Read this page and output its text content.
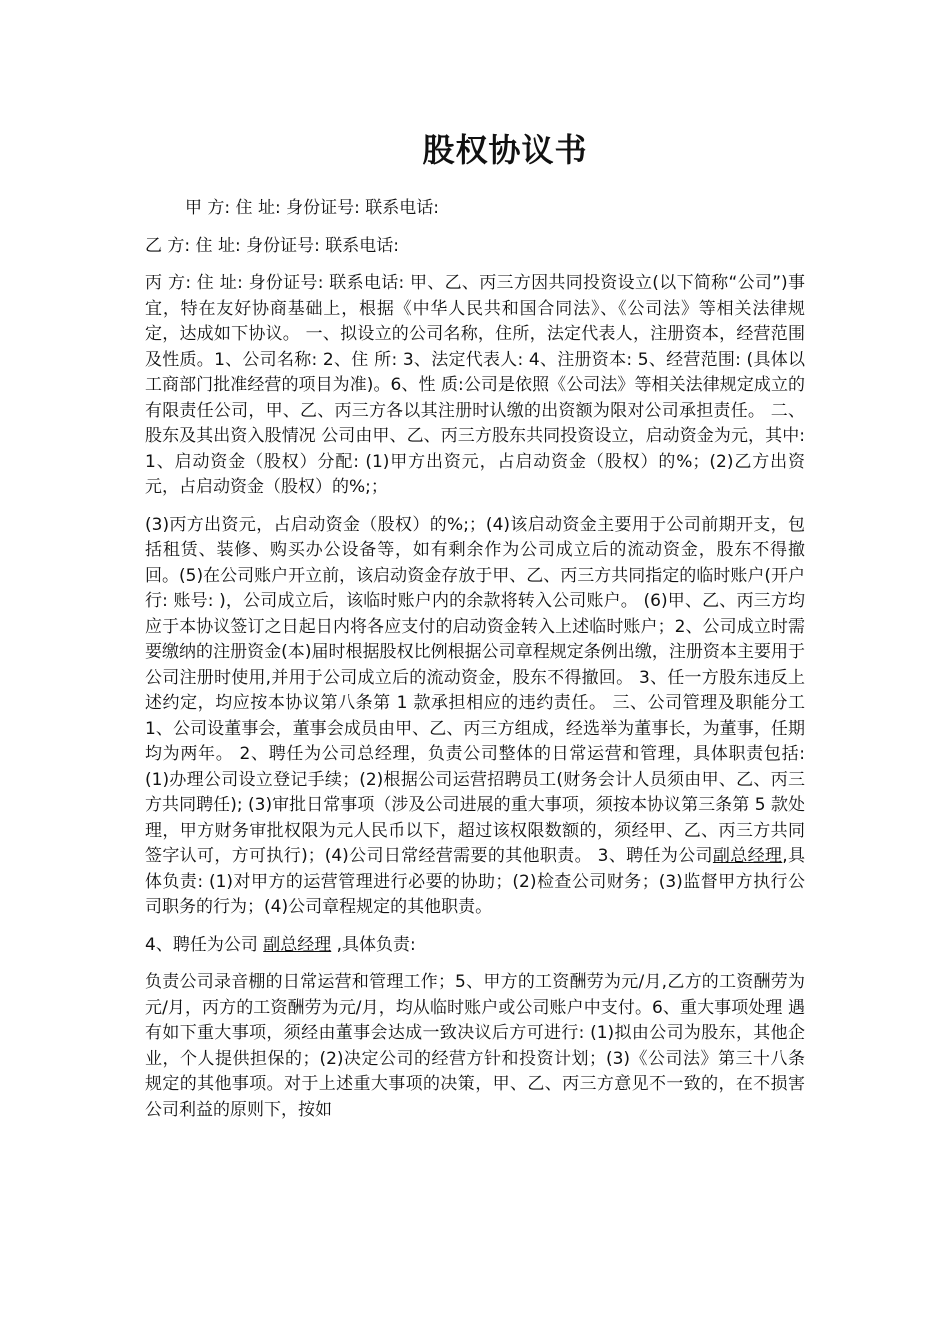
股权协议书

甲 方: 住 址: 身份证号: 联系电话:

乙 方: 住 址: 身份证号: 联系电话:

丙 方: 住 址: 身份证号: 联系电话: 甲、乙、丙三方因共同投资设立(以下简称“公司”)事宜，特在友好协商基础上，根据《中华人民共和国合同法》、《公司法》等相关法律规定，达成如下协议。 一、拟设立的公司名称，住所，法定代表人，注册资本，经营范围及性质。1、公司名称: 2、住 所: 3、法定代表人: 4、注册资本: 5、经营范围: (具体以工商部门批准经营的项目为准)。6、性 质:公司是依照《公司法》等相关法律规定成立的有限责任公司，甲、乙、丙三方各以其注册时认缴的出资额为限对公司承担责任。 二、股东及其出资入股情况 公司由甲、乙、丙三方股东共同投资设立，启动资金为元，其中: 1、启动资金（股权）分配: (1)甲方出资元，占启动资金（股权）的%；(2)乙方出资元，占启动资金（股权）的%;；

(3)丙方出资元，占启动资金（股权）的%;；(4)该启动资金主要用于公司前期开支，包括租赁、装修、购买办公设备等，如有剩余作为公司成立后的流动资金，股东不得撤回。(5)在公司账户开立前，该启动资金存放于甲、乙、丙三方共同指定的临时账户(开户行: 账号: )，公司成立后，该临时账户内的余款将转入公司账户。 (6)甲、乙、丙三方均应于本协议签订之日起日内将各应支付的启动资金转入上述临时账户；2、公司成立时需要缴纳的注册资金(本)届时根据股权比例根据公司章程规定条例出缴，注册资本主要用于公司注册时使用,并用于公司成立后的流动资金，股东不得撤回。 3、任一方股东违反上述约定，均应按本协议第八条第 1 款承担相应的违约责任。 三、公司管理及职能分工 1、公司设董事会，董事会成员由甲、乙、丙三方组成，经选举为董事长，为董事，任期均为两年。 2、聘任为公司总经理，负责公司整体的日常运营和管理，具体职责包括: (1)办理公司设立登记手续；(2)根据公司运营招聘员工(财务会计人员须由甲、乙、丙三方共同聘任); (3)审批日常事项（涉及公司进展的重大事项，须按本协议第三条第 5 款处理，甲方财务审批权限为元人民币以下，超过该权限数额的，须经甲、乙、丙三方共同签字认可，方可执行)；(4)公司日常经营需要的其他职责。 3、聘任为公司副总经理,具体负责: (1)对甲方的运营管理进行必要的协助；(2)检查公司财务；(3)监督甲方执行公司职务的行为；(4)公司章程规定的其他职责。

4、聘任为公司 副总经理 ,具体负责:

负责公司录音棚的日常运营和管理工作；5、甲方的工资酬劳为元/月,乙方的工资酬劳为元/月，丙方的工资酬劳为元/月，均从临时账户或公司账户中支付。6、重大事项处理 遇有如下重大事项，须经由董事会达成一致决议后方可进行: (1)拟由公司为股东，其他企业，个人提供担保的；(2)决定公司的经营方针和投资计划；(3)《公司法》第三十八条规定的其他事项。对于上述重大事项的决策，甲、乙、丙三方意见不一致的，在不损害公司利益的原则下，按如
